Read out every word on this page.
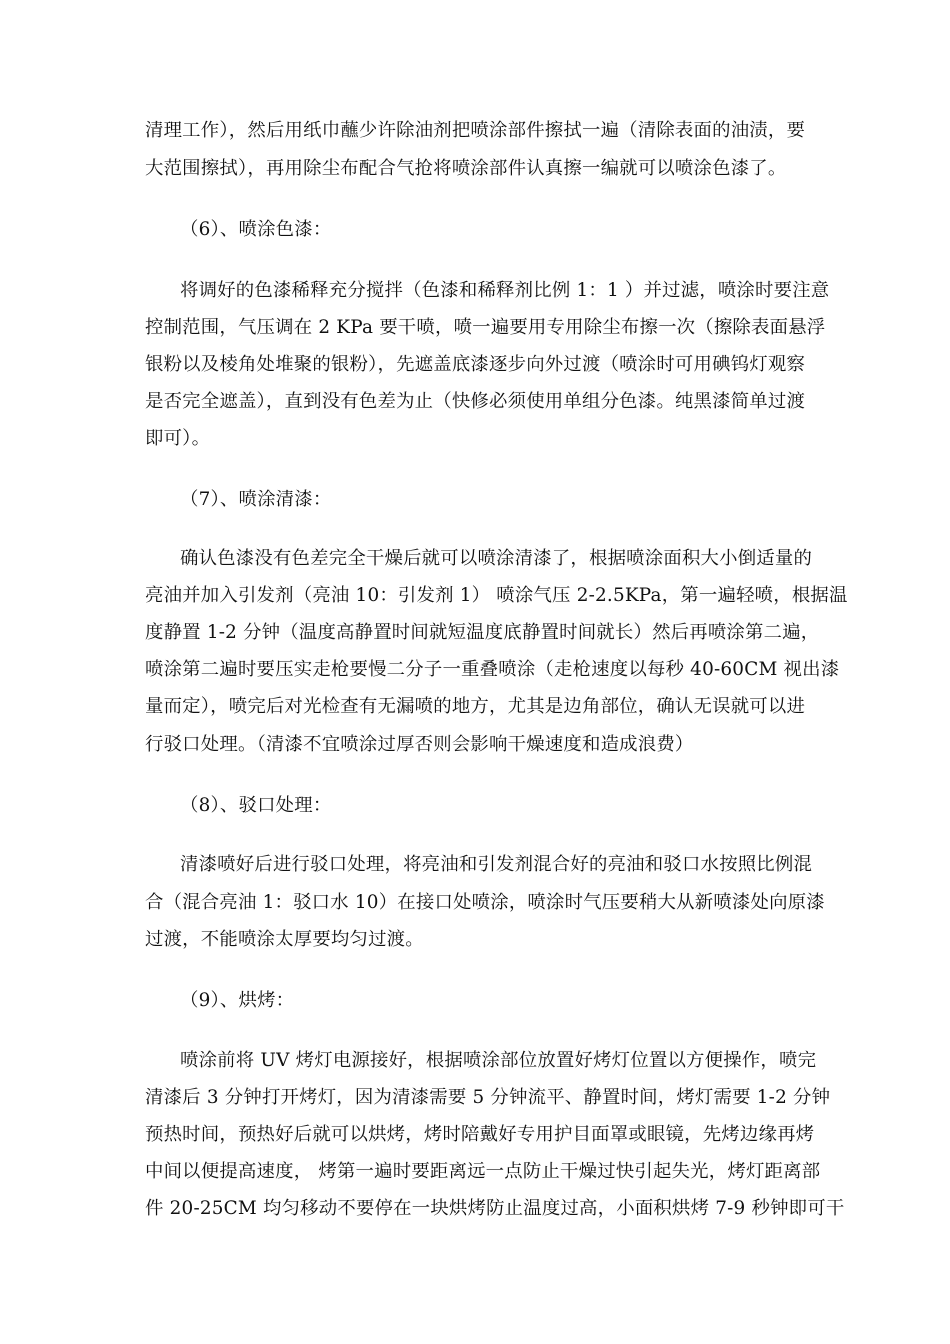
清理工作），然后用纸巾蘸少许除油剂把喷涂部件擦拭一遍（清除表面的油渍，要
大范围擦拭），再用除尘布配合气抢将喷涂部件认真擦一编就可以喷涂色漆了。
（6）、喷涂色漆：
将调好的色漆稀释充分搅拌（色漆和稀释剂比例 1：1 ）并过滤，喷涂时要注意
控制范围，气压调在 2 KPa 要干喷，喷一遍要用专用除尘布擦一次（擦除表面悬浮
银粉以及棱角处堆聚的银粉），先遮盖底漆逐步向外过渡（喷涂时可用碘钨灯观察
是否完全遮盖），直到没有色差为止（快修必须使用单组分色漆。纯黑漆简单过渡
即可）。
（7）、喷涂清漆：
确认色漆没有色差完全干燥后就可以喷涂清漆了，根据喷涂面积大小倒适量的
亮油并加入引发剂（亮油 10：引发剂 1） 喷涂气压 2-2.5KPa，第一遍轻喷，根据温
度静置 1-2 分钟（温度高静置时间就短温度底静置时间就长）然后再喷涂第二遍，
喷涂第二遍时要压实走枪要慢二分子一重叠喷涂（走枪速度以每秒 40-60CM 视出漆
量而定），喷完后对光检查有无漏喷的地方，尤其是边角部位，确认无误就可以进
行驳口处理。（清漆不宜喷涂过厚否则会影响干燥速度和造成浪费）
（8）、驳口处理：
清漆喷好后进行驳口处理，将亮油和引发剂混合好的亮油和驳口水按照比例混
合（混合亮油 1：驳口水 10）在接口处喷涂，喷涂时气压要稍大从新喷漆处向原漆
过渡，不能喷涂太厚要均匀过渡。
（9）、烘烤：
喷涂前将 UV 烤灯电源接好，根据喷涂部位放置好烤灯位置以方便操作，喷完
清漆后 3 分钟打开烤灯，因为清漆需要 5 分钟流平、静置时间，烤灯需要 1-2 分钟
预热时间，预热好后就可以烘烤，烤时陪戴好专用护目面罩或眼镜，先烤边缘再烤
中间以便提高速度， 烤第一遍时要距离远一点防止干燥过快引起失光，烤灯距离部
件 20-25CM 均匀移动不要停在一块烘烤防止温度过高，小面积烘烤 7-9 秒钟即可干
